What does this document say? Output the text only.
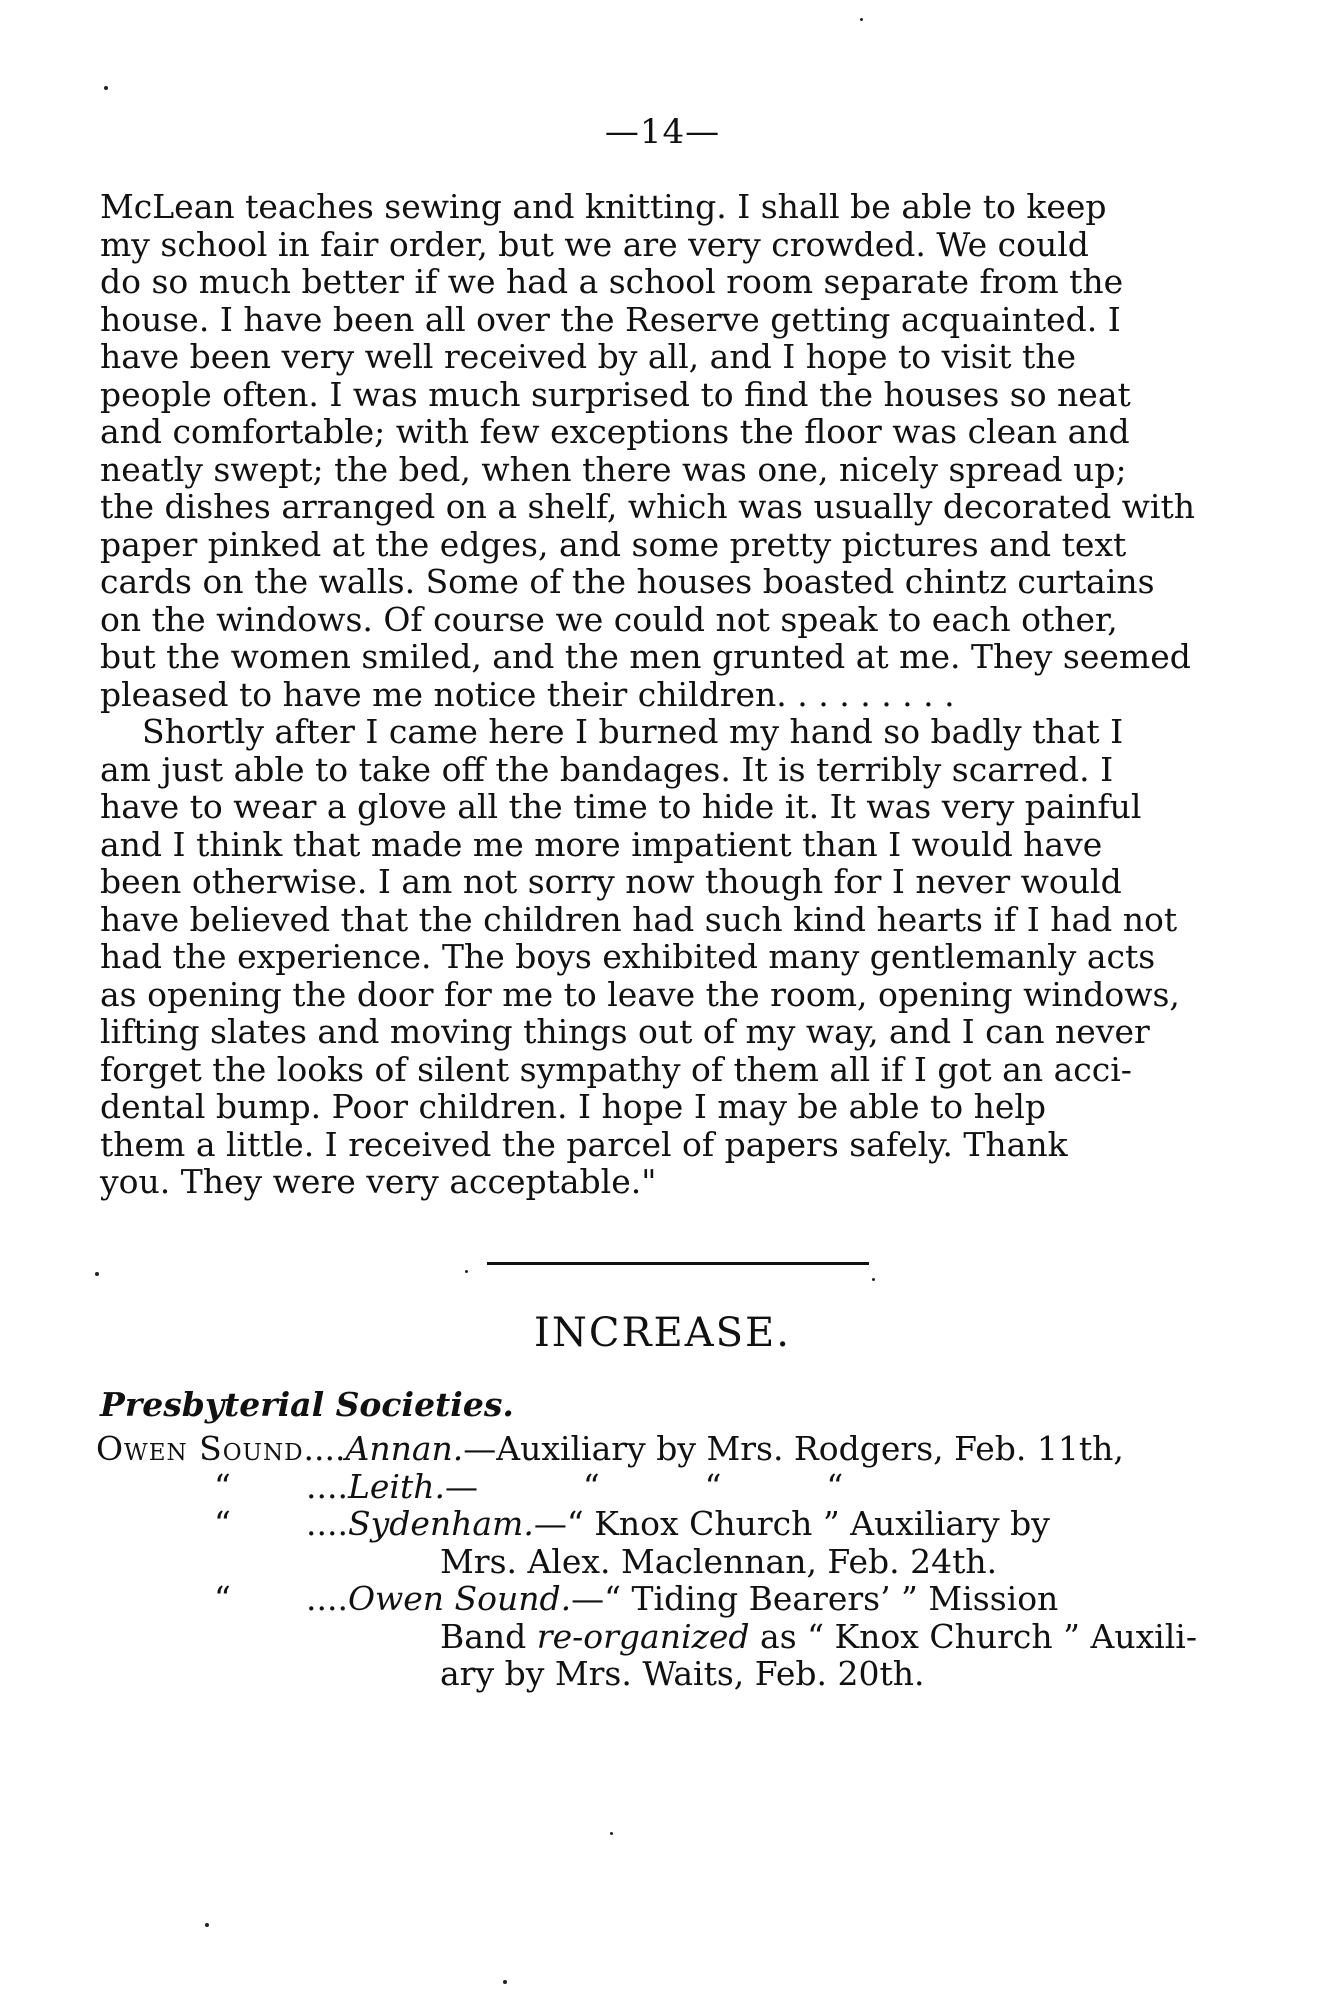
—14—
McLean teaches sewing and knitting. I shall be able to keep
my school in fair order, but we are very crowded. We could
do so much better if we had a school room separate from the
house. I have been all over the Reserve getting acquainted. I
have been very well received by all, and I hope to visit the
people often. I was much surprised to find the houses so neat
and comfortable; with few exceptions the floor was clean and
neatly swept; the bed, when there was one, nicely spread up;
the dishes arranged on a shelf, which was usually decorated with
paper pinked at the edges, and some pretty pictures and text
cards on the walls. Some of the houses boasted chintz curtains
on the windows. Of course we could not speak to each other,
but the women smiled, and the men grunted at me. They seemed
pleased to have me notice their children. . . . . . . . .
Shortly after I came here I burned my hand so badly that I
am just able to take off the bandages. It is terribly scarred. I
have to wear a glove all the time to hide it. It was very painful
and I think that made me more impatient than I would have
been otherwise. I am not sorry now though for I never would
have believed that the children had such kind hearts if I had not
had the experience. The boys exhibited many gentlemanly acts
as opening the door for me to leave the room, opening windows,
lifting slates and moving things out of my way, and I can never
forget the looks of silent sympathy of them all if I got an acci-
dental bump. Poor children. I hope I may be able to help
them a little. I received the parcel of papers safely. Thank
you. They were very acceptable."
INCREASE.
Presbyterial Societies.
Owen Sound....Annan.—Auxiliary by Mrs. Rodgers, Feb. 11th,
“ ....Leith.—          “          “          “
“ ....Sydenham.—“ Knox Church ” Auxiliary by
Mrs. Alex. Maclennan, Feb. 24th.
“ ....Owen Sound.—“ Tiding Bearers’ ” Mission
Band re-organized as “ Knox Church ” Auxili-
ary by Mrs. Waits, Feb. 20th.
